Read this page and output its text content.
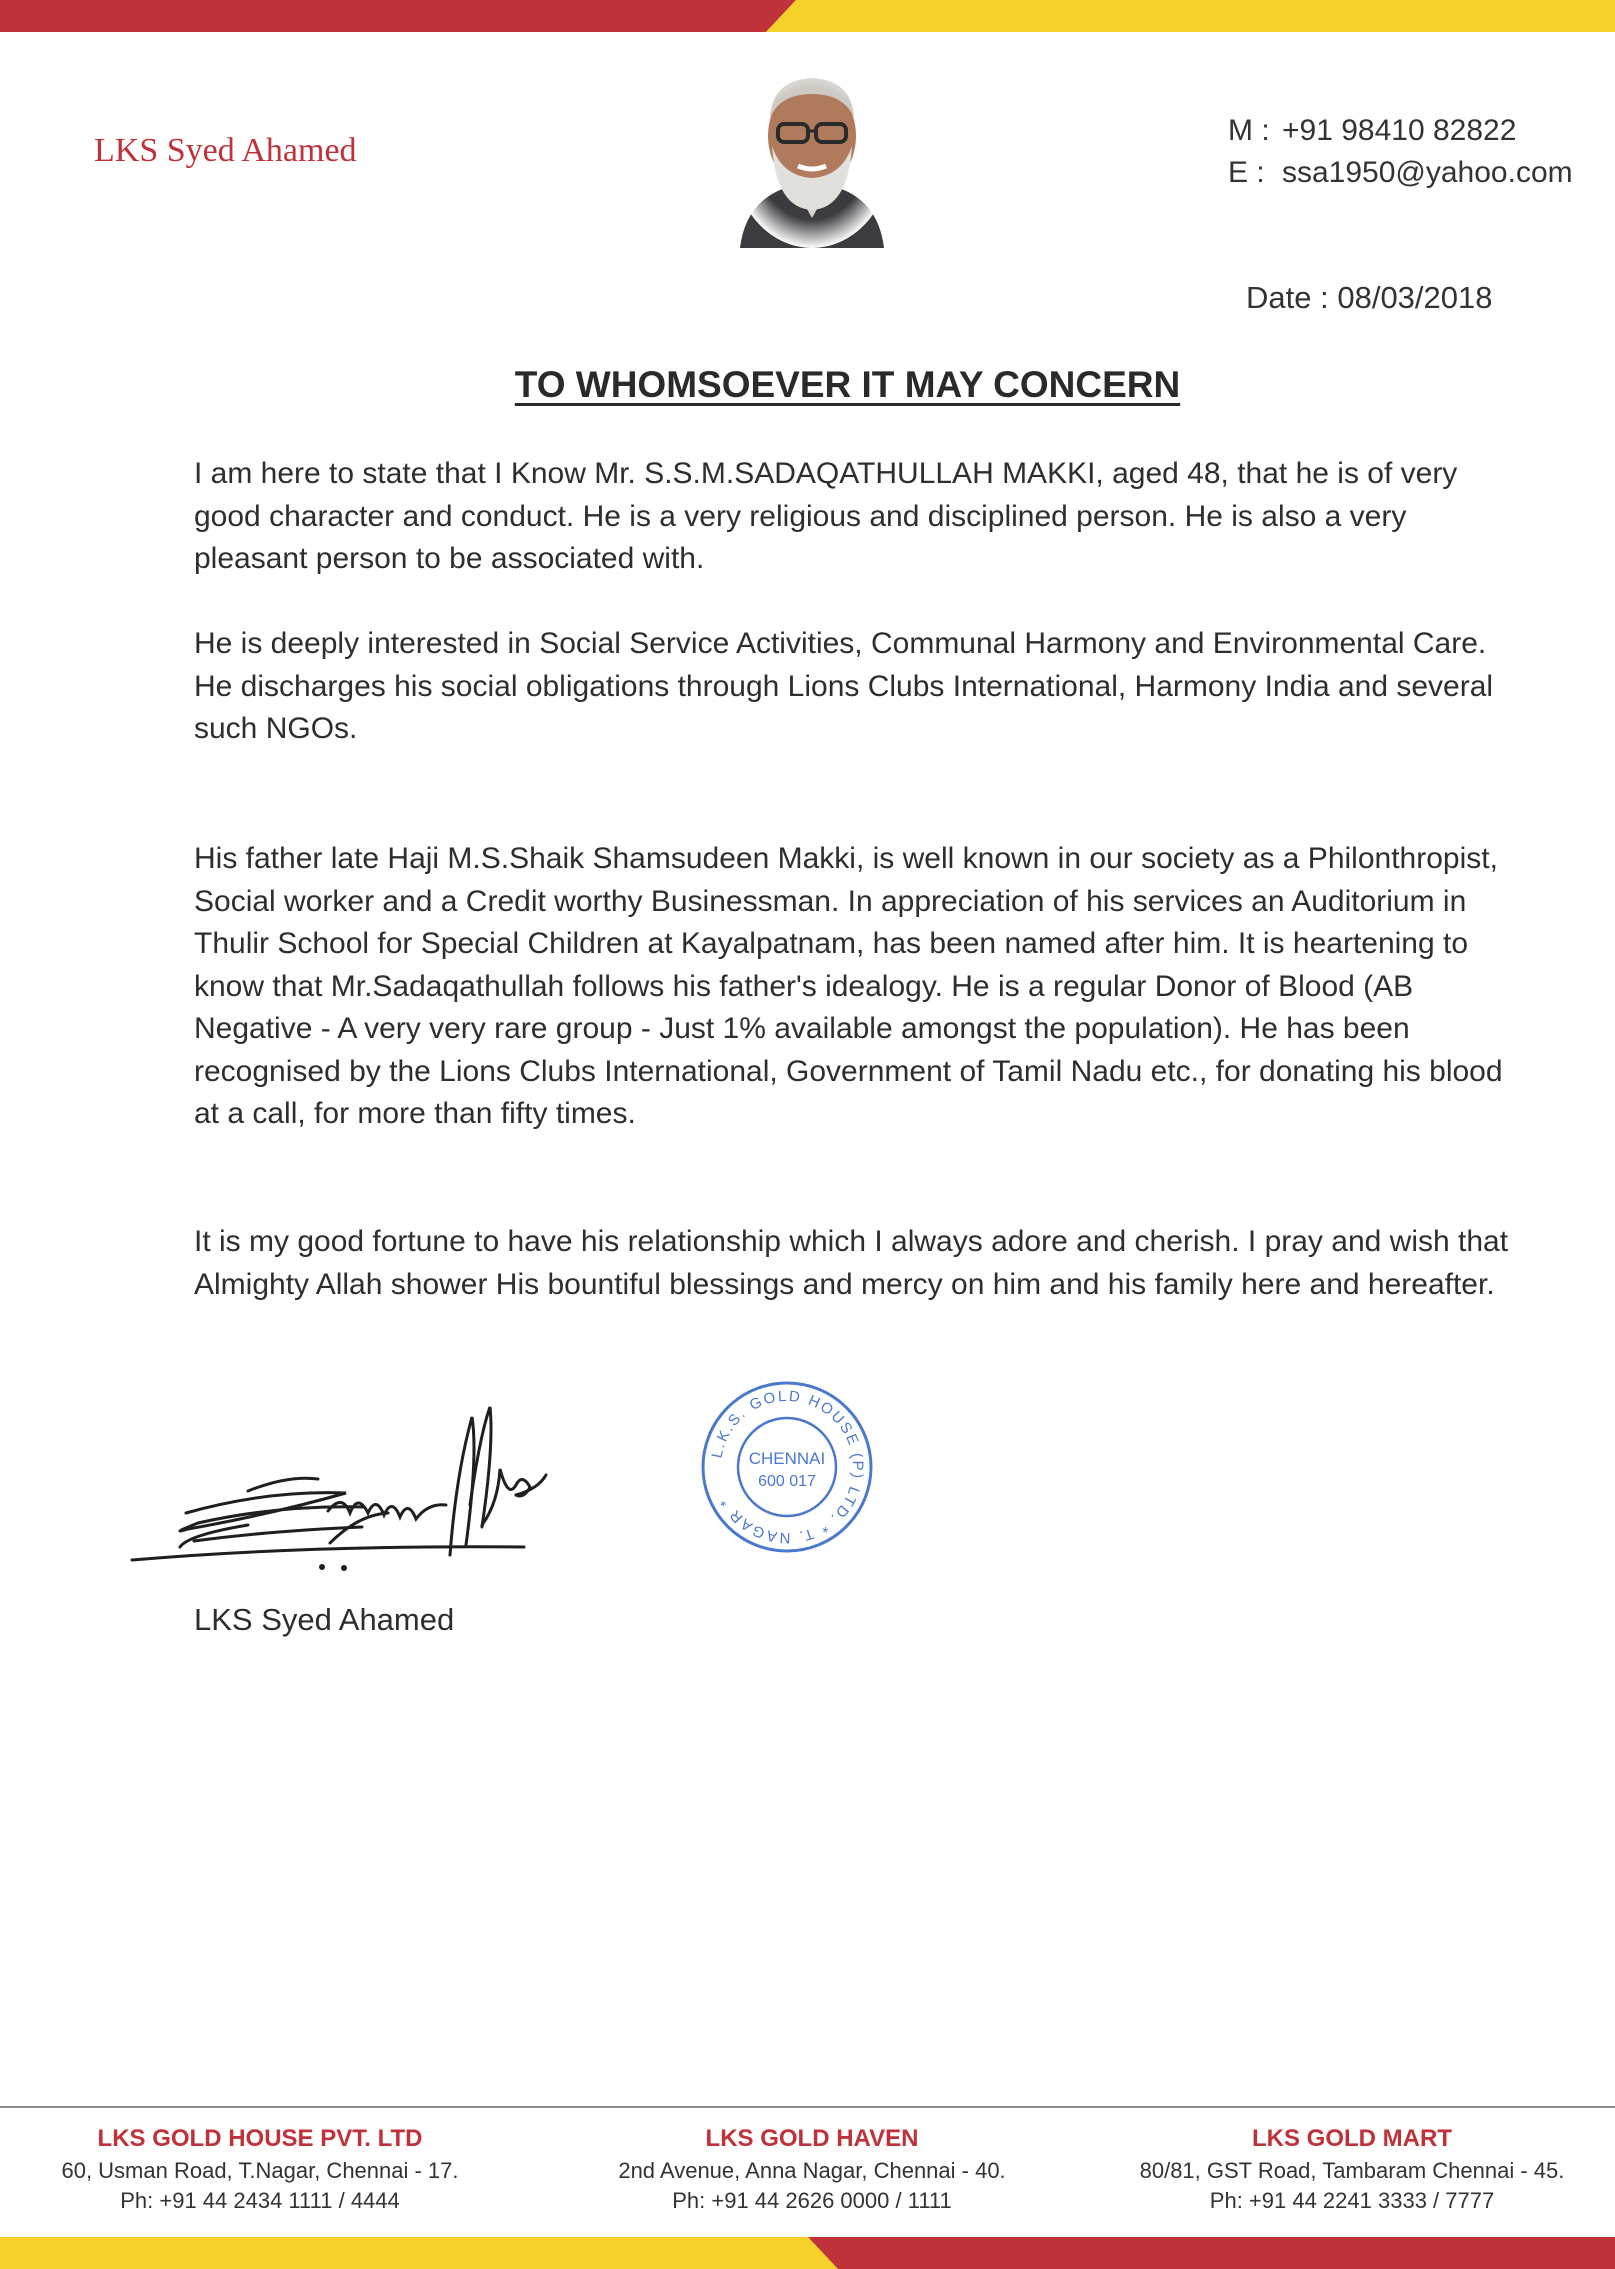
LKS Syed Ahamed
M : +91 98410 82822
E : ssa1950@yahoo.com
Date : 08/03/2018
TO WHOMSOEVER IT MAY CONCERN

I am here to state that I Know Mr. S.S.M.SADAQATHULLAH MAKKI, aged 48, that he is of very good character and conduct. He is a very religious and disciplined person. He is also a very pleasant person to be associated with.

He is deeply interested in Social Service Activities, Communal Harmony and Environmental Care. He discharges his social obligations through Lions Clubs International, Harmony India and several such NGOs.

His father late Haji M.S.Shaik Shamsudeen Makki, is well known in our society as a Philonthropist, Social worker and a Credit worthy Businessman. In appreciation of his services an Auditorium in Thulir School for Special Children at Kayalpatnam, has been named after him. It is heartening to know that Mr.Sadaqathullah follows his father's idealogy. He is a regular Donor of Blood (AB Negative - A very very rare group - Just 1% available amongst the population). He has been recognised by the Lions Clubs International, Government of Tamil Nadu etc., for donating his blood at a call, for more than fifty times.

It is my good fortune to have his relationship which I always adore and cherish. I pray and wish that Almighty Allah shower His bountiful blessings and mercy on him and his family here and hereafter.

L.K.S. GOLD HOUSE (P) LTD. * T. NAGAR *
CHENNAI
600 017
LKS Syed Ahamed
LKS GOLD HOUSE PVT. LTD
60, Usman Road, T.Nagar, Chennai - 17.
Ph: +91 44 2434 1111 / 4444
LKS GOLD HAVEN
2nd Avenue, Anna Nagar, Chennai - 40.
Ph: +91 44 2626 0000 / 1111
LKS GOLD MART
80/81, GST Road, Tambaram Chennai - 45.
Ph: +91 44 2241 3333 / 7777
